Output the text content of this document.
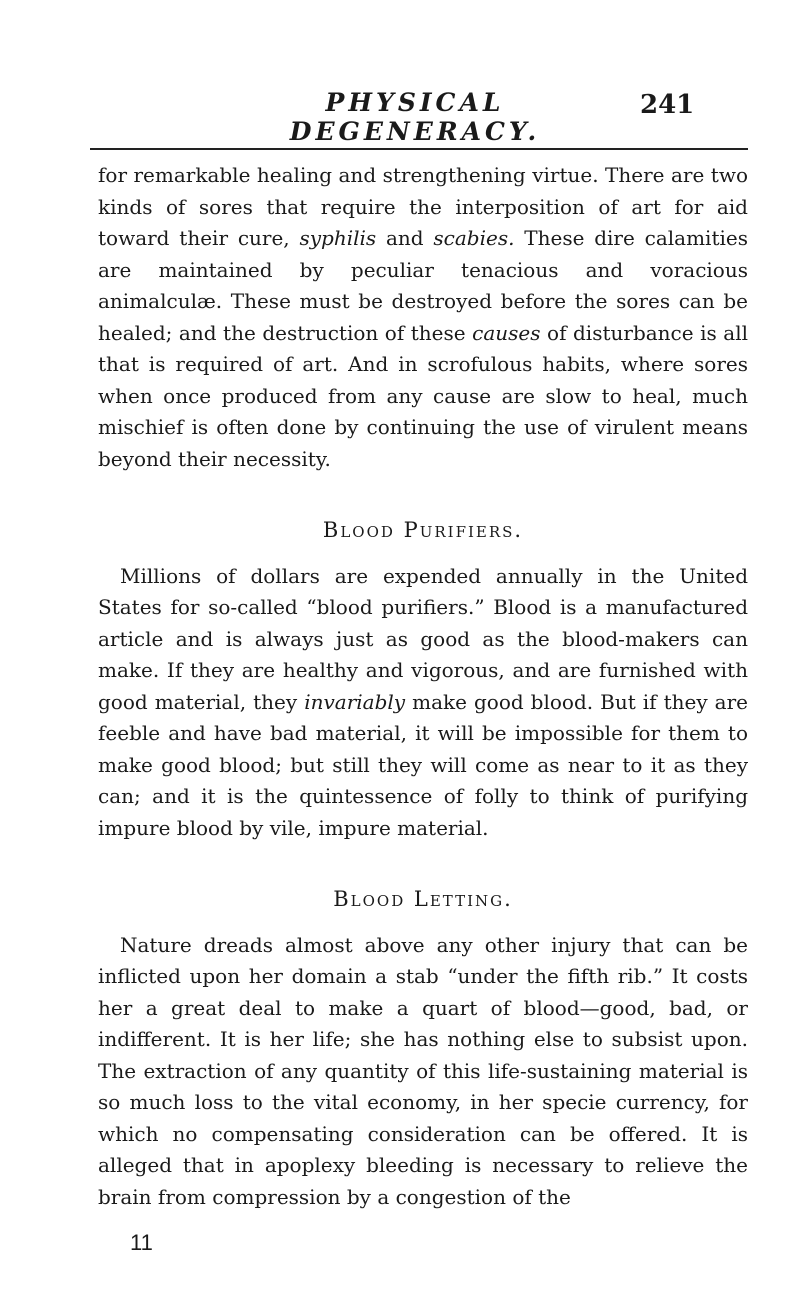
PHYSICAL DEGENERACY.
241

for remarkable healing and strengthening virtue. There are two kinds of sores that require the interposition of art for aid toward their cure, syphilis and scabies. These dire calamities are maintained by peculiar tenacious and voracious animalculæ. These must be destroyed before the sores can be healed; and the destruction of these causes of disturbance is all that is required of art. And in scrofulous habits, where sores when once produced from any cause are slow to heal, much mischief is often done by continuing the use of virulent means beyond their necessity.

Blood Purifiers.

Millions of dollars are expended annually in the United States for so-called “blood purifiers.” Blood is a manufactured article and is always just as good as the blood-makers can make. If they are healthy and vigorous, and are furnished with good material, they invariably make good blood. But if they are feeble and have bad material, it will be impossible for them to make good blood; but still they will come as near to it as they can; and it is the quintessence of folly to think of purifying impure blood by vile, impure material.

Blood Letting.

Nature dreads almost above any other injury that can be inflicted upon her domain a stab “under the fifth rib.” It costs her a great deal to make a quart of blood—good, bad, or indifferent. It is her life; she has nothing else to subsist upon. The extraction of any quantity of this life-sustaining material is so much loss to the vital economy, in her specie currency, for which no compensating consideration can be offered. It is alleged that in apoplexy bleeding is necessary to relieve the brain from compression by a congestion of the

11
